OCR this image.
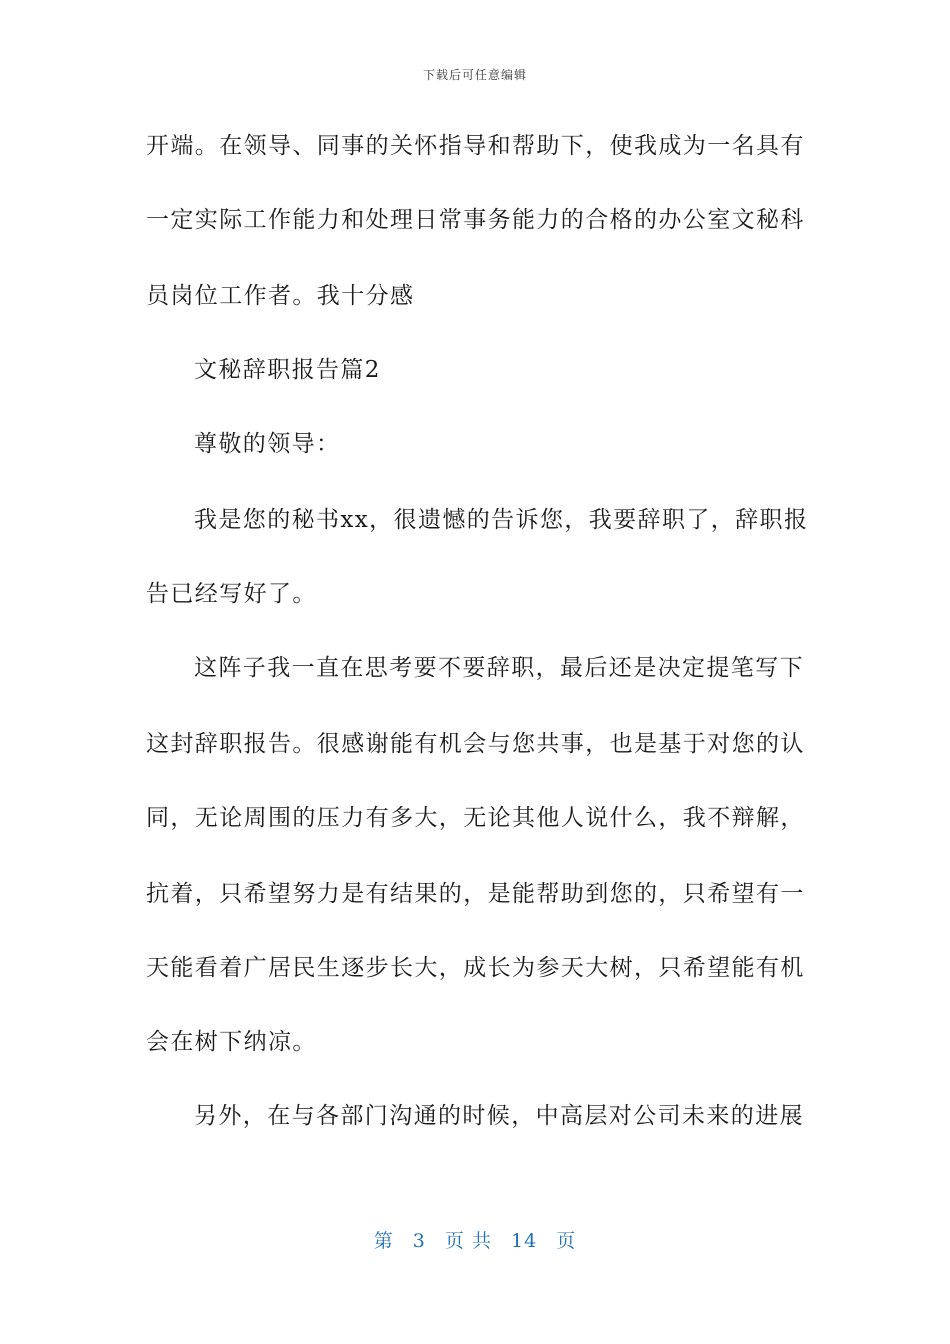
下载后可任意编辑
开端。在领导、同事的关怀指导和帮助下，使我成为一名具有
一定实际工作能力和处理日常事务能力的合格的办公室文秘科
员岗位工作者。我十分感
文秘辞职报告篇2
尊敬的领导：
我是您的秘书xx，很遗憾的告诉您，我要辞职了，辞职报
告已经写好了。
这阵子我一直在思考要不要辞职，最后还是决定提笔写下
这封辞职报告。很感谢能有机会与您共事，也是基于对您的认
同，无论周围的压力有多大，无论其他人说什么，我不辩解，
抗着，只希望努力是有结果的，是能帮助到您的，只希望有一
天能看着广居民生逐步长大，成长为参天大树，只希望能有机
会在树下纳凉。
另外，在与各部门沟通的时候，中高层对公司未来的进展
第 3 页 共 14 页
